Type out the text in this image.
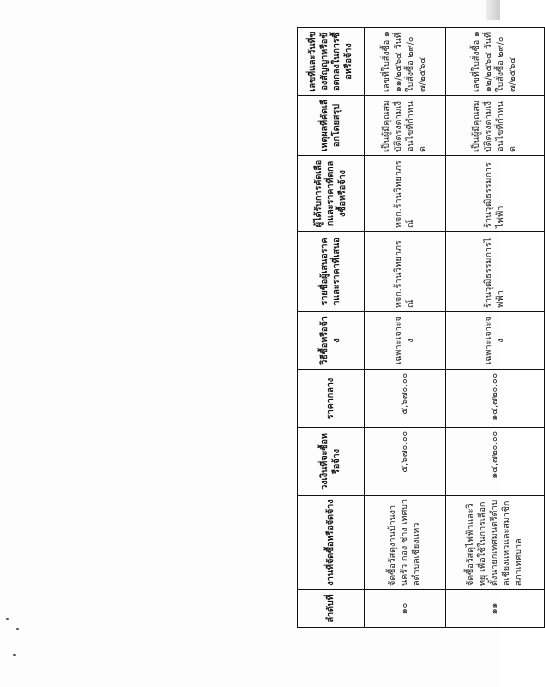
ลำดับที่	งานที่จัดซื้อหรือจัดจ้าง	วงเงินที่จะซื้อหรือจ้าง	ราคากลาง	วิธีซื้อหรือจ้าง	รายชื่อผู้เสนอราคาและราคาที่เสนอ	ผู้ได้รับการคัดเลือกและราคาที่ตกลงซื้อหรือจ้าง	เหตุผลที่คัดเลือกโดยสรุป	เลขที่และวันที่ของสัญญาหรือข้อตกลงในการซื้อหรือจ้าง
๑๐	จัดซื้อวัสดุงานบ้านงานครัว กอง ช่าง เทศบาลตำบลเชียงแหว	๕,๖๗๐.๐๐	๕,๖๗๐.๐๐	เฉพาะเจาะจง	หจก.ร้านวิทยาภรณ์	หจก.ร้านวิทยาภรณ์	เป็นผู้มีคุณสมบัติตรงตามเงื่อนไขที่กำหนด	เลขที่ใบสั่งซื้อ ๑๑๑/๒๕๖๔ วันที่ใบสั่งซื้อ ๒๙/๐๗/๒๕๖๔
๑๑	จัดซื้อวัสดุไฟฟ้าและวิทยุ เพื่อใช้ในการเลือกตั้งนายกเทศมนตรีตำบลเชียงแหวและสมาชิกสภาเทศบาล	๑๔,๗๒๐.๐๐	๑๔,๗๒๐.๐๐	เฉพาะเจาะจง	ร้านวุฒิธรรมการไฟฟ้า	ร้านวุฒิธรรมการไฟฟ้า	เป็นผู้มีคุณสมบัติตรงตามเงื่อนไขที่กำหนด	เลขที่ใบสั่งซื้อ ๑๑๒/๒๕๖๔ วันที่ใบสั่งซื้อ ๒๙/๐๗/๒๕๖๔
